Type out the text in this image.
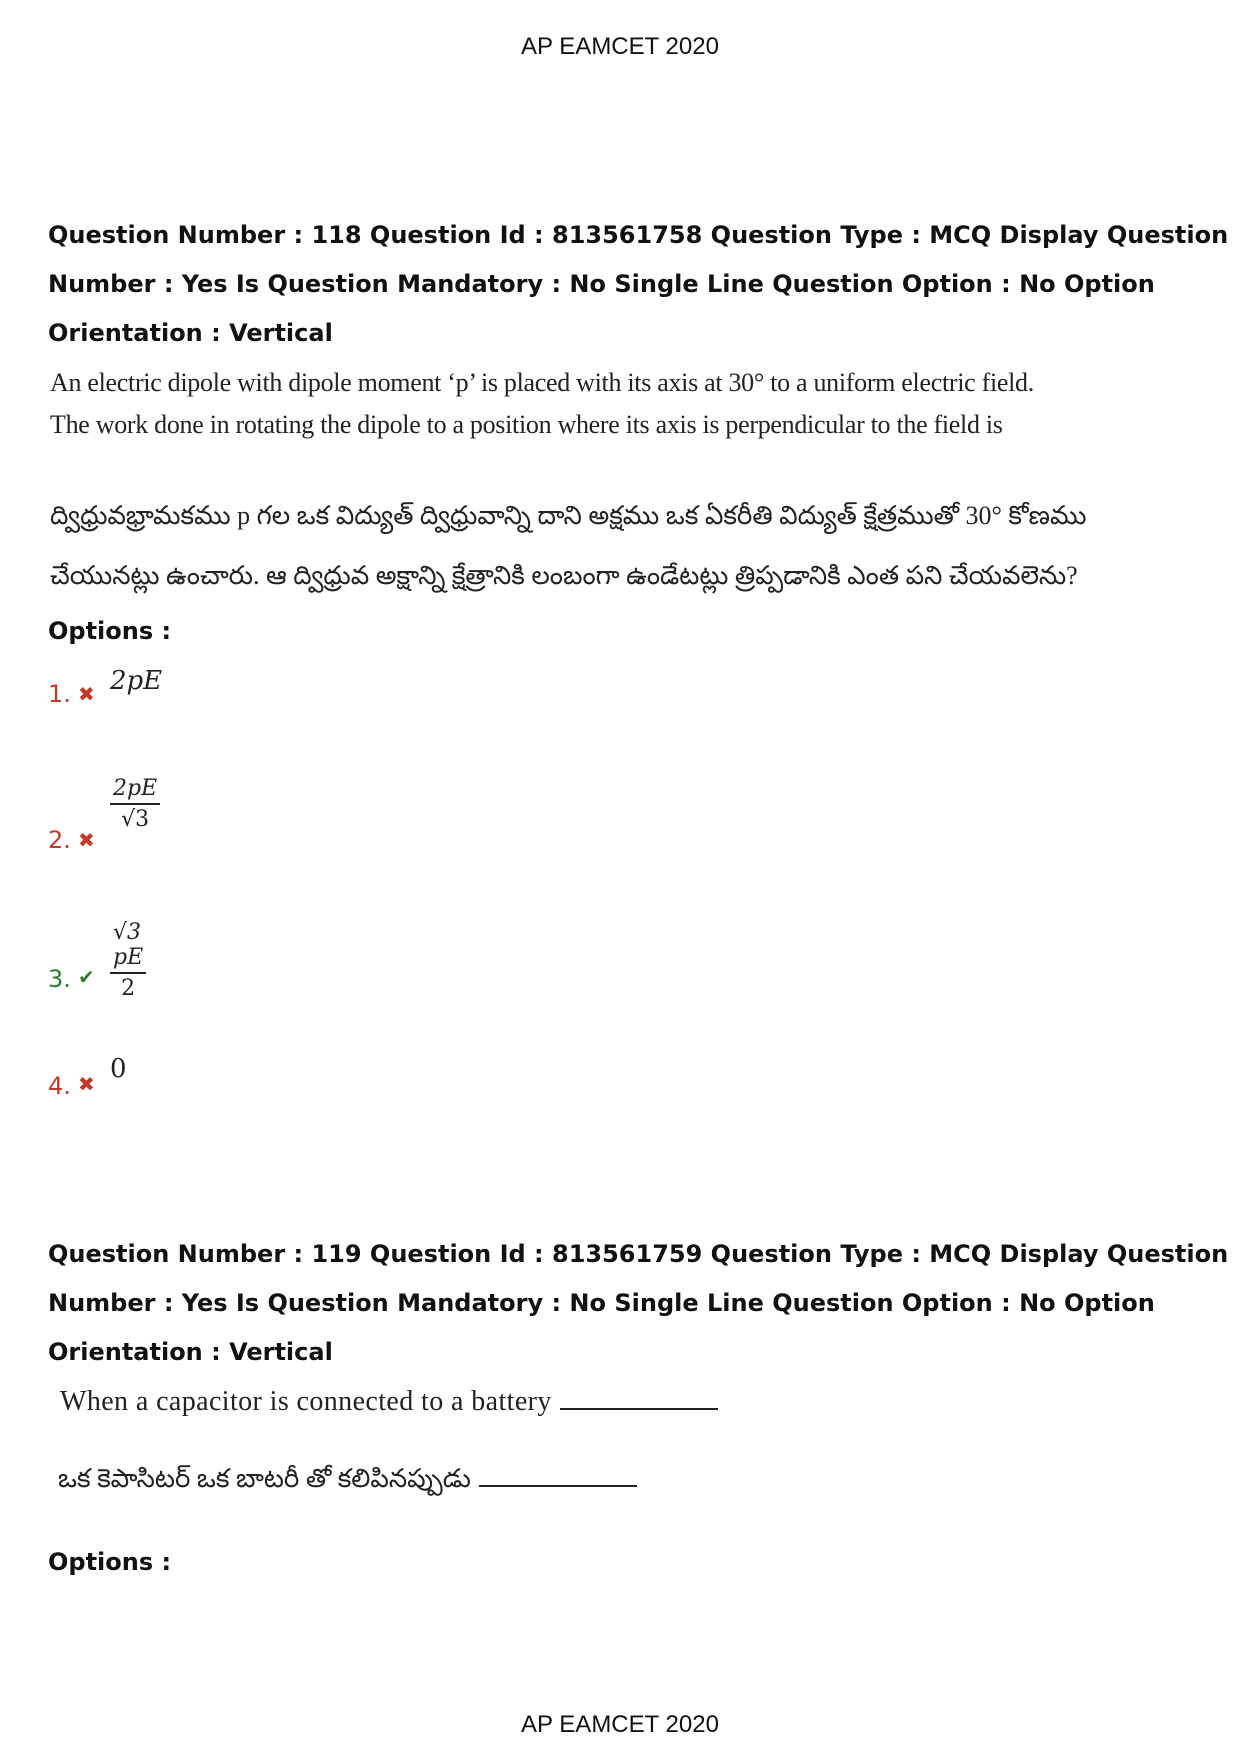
AP EAMCET 2020
Question Number : 118 Question Id : 813561758 Question Type : MCQ Display Question
Number : Yes Is Question Mandatory : No Single Line Question Option : No Option
Orientation : Vertical
An electric dipole with dipole moment ‘p’ is placed with its axis at 30° to a uniform electric field.
The work done in rotating the dipole to a position where its axis is perpendicular to the field is
ద్విధ్రువభ్రామకము p గల ఒక విద్యుత్ ద్విధ్రువాన్ని దాని అక్షము ఒక ఏకరీతి విద్యుత్ క్షేత్రముతో 30° కోణము
చేయునట్లు ఉంచారు. ఆ ద్విధ్రువ అక్షాన్ని క్షేత్రానికి లంబంగా ఉండేటట్లు త్రిప్పడానికి ఎంత పని చేయవలెను?
Options :
1. ✖ 2pE
2. ✖
$\frac{2pE}{√3}$
3. ✔ $\frac{√3 pE}{2}$
4. ✖ 0
Question Number : 119 Question Id : 813561759 Question Type : MCQ Display Question
Number : Yes Is Question Mandatory : No Single Line Question Option : No Option
Orientation : Vertical
When a capacitor is connected to a battery
ఒక కెపాసిటర్ ఒక బాటరీ తో కలిపినప్పుడు
Options :
AP EAMCET 2020
